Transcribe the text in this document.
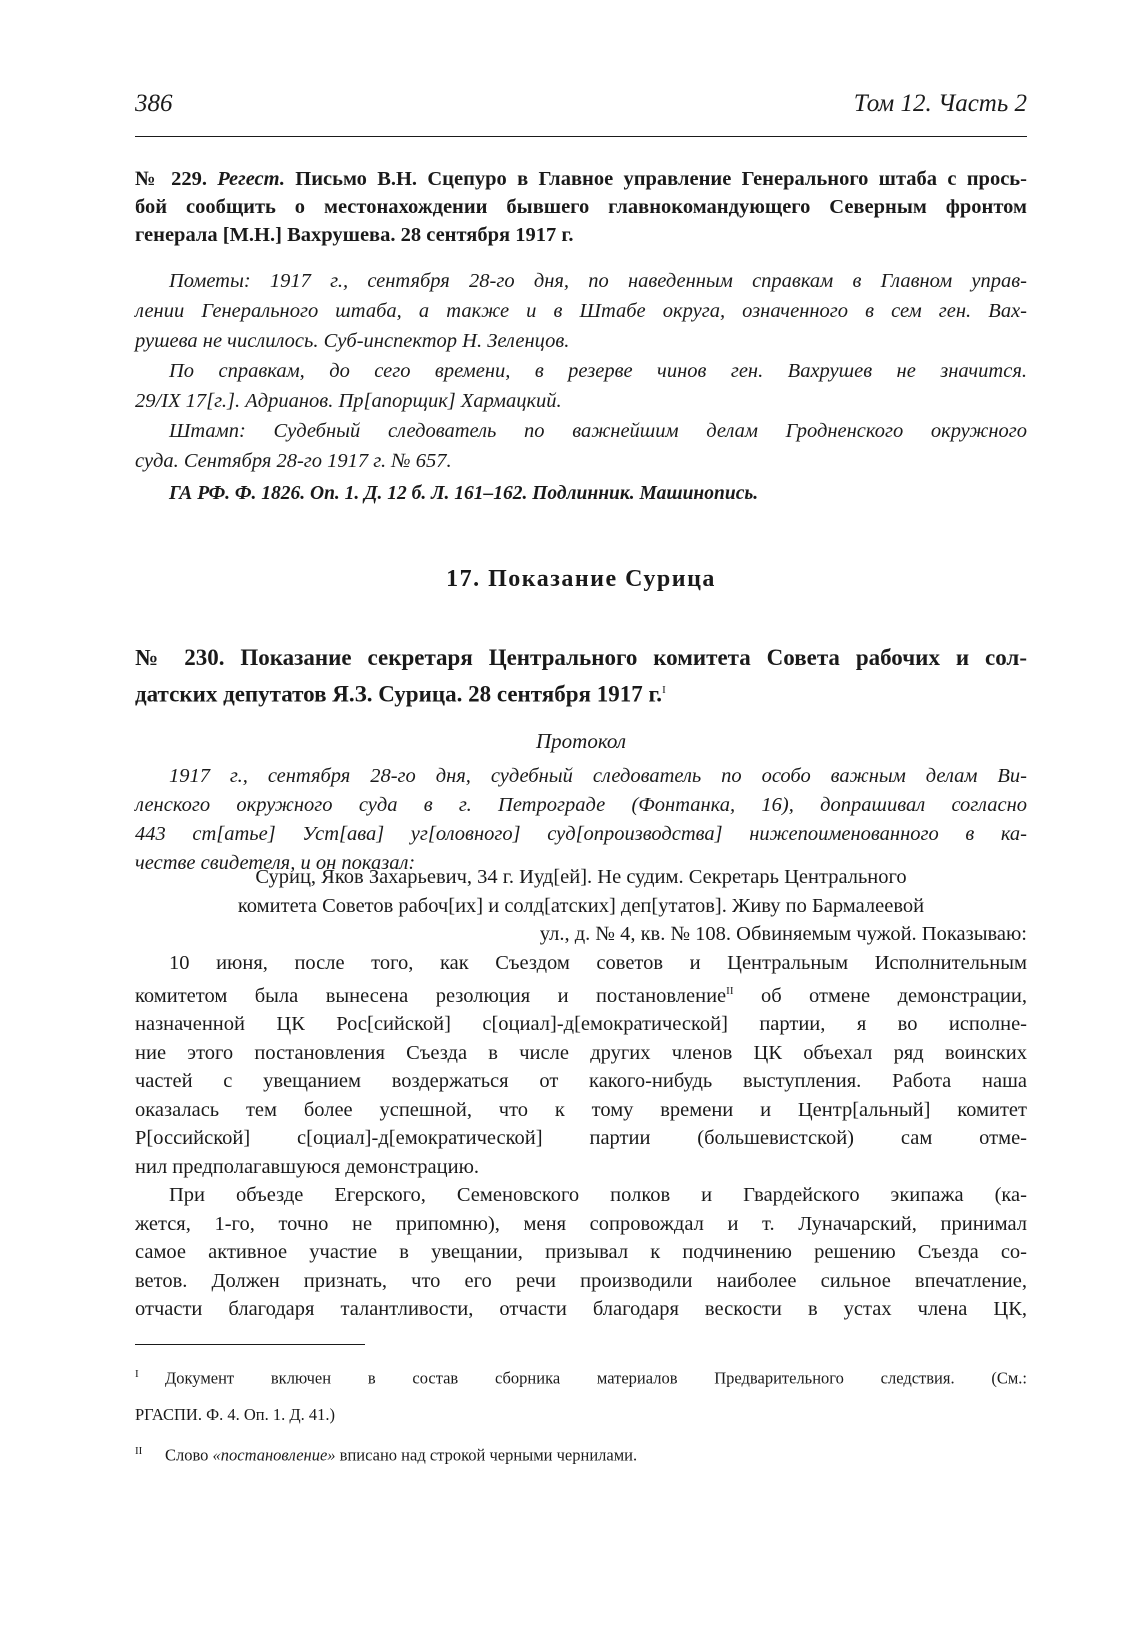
386	Том 12. Часть 2
№ 229. Регест. Письмо В.Н. Сцепуро в Главное управление Генерального штаба с прось-
бой сообщить о местонахождении бывшего главнокомандующего Северным фронтом
генерала [М.Н.] Вахрушева. 28 сентября 1917 г.

Пометы: 1917 г., сентября 28-го дня, по наведенным справкам в Главном управ-

лении Генерального штаба, а также и в Штабе округа, означенного в сем ген. Вах-

рушева не числилось. Суб-инспектор Н. Зеленцов.

По справкам, до сего времени, в резерве чинов ген. Вахрушев не значится.

29/IX 17[г.]. Адрианов. Пр[апорщик] Хармацкий.

Штамп: Судебный следователь по важнейшим делам Гродненского окружного

суда. Сентября 28-го 1917 г. № 657.

ГА РФ. Ф. 1826. Оп. 1. Д. 12 б. Л. 161–162. Подлинник. Машинопись.
17. Показание Сурица
№ 230. Показание секретаря Центрального комитета Совета рабочих и сол-
датских депутатов Я.З. Сурица. 28 сентября 1917 г.$^I$
Протокол

1917 г., сентября 28-го дня, судебный следователь по особо важным делам Ви-

ленского окружного суда в г. Петрограде (Фонтанка, 16), допрашивал согласно

443 ст[атье] Уст[ава] уг[оловного] суд[опроизводства] нижепоименованного в ка-

честве свидетеля, и он показал:

Суриц, Яков Захарьевич, 34 г. Иуд[ей]. Не судим. Секретарь Центрального

комитета Советов рабоч[их] и солд[атских] деп[утатов]. Живу по Бармалеевой

ул., д. № 4, кв. № 108. Обвиняемым чужой. Показываю:

10 июня, после того, как Съездом советов и Центральным Исполнительным

комитетом была вынесена резолюция и постановление$^{II}$ об отмене демонстрации,

назначенной ЦК Рос[сийской] с[оциал]-д[емократической] партии, я во исполне-

ние этого постановления Съезда в числе других членов ЦК объехал ряд воинских

частей с увещанием воздержаться от какого-нибудь выступления. Работа наша

оказалась тем более успешной, что к тому времени и Центр[альный] комитет

Р[оссийской] с[оциал]-д[емократической] партии (большевистской) сам отме-

нил предполагавшуюся демонстрацию.

При объезде Егерского, Семеновского полков и Гвардейского экипажа (ка-

жется, 1-го, точно не припомню), меня сопровождал и т. Луначарский, принимал

самое активное участие в увещании, призывал к подчинению решению Съезда со-

ветов. Должен признать, что его речи производили наиболее сильное впечатление,

отчасти благодаря талантливости, отчасти благодаря вескости в устах члена ЦК,

I Документ включен в состав сборника материалов Предварительного следствия. (См.:

РГАСПИ. Ф. 4. Оп. 1. Д. 41.)

II Слово «постановление» вписано над строкой черными чернилами.
